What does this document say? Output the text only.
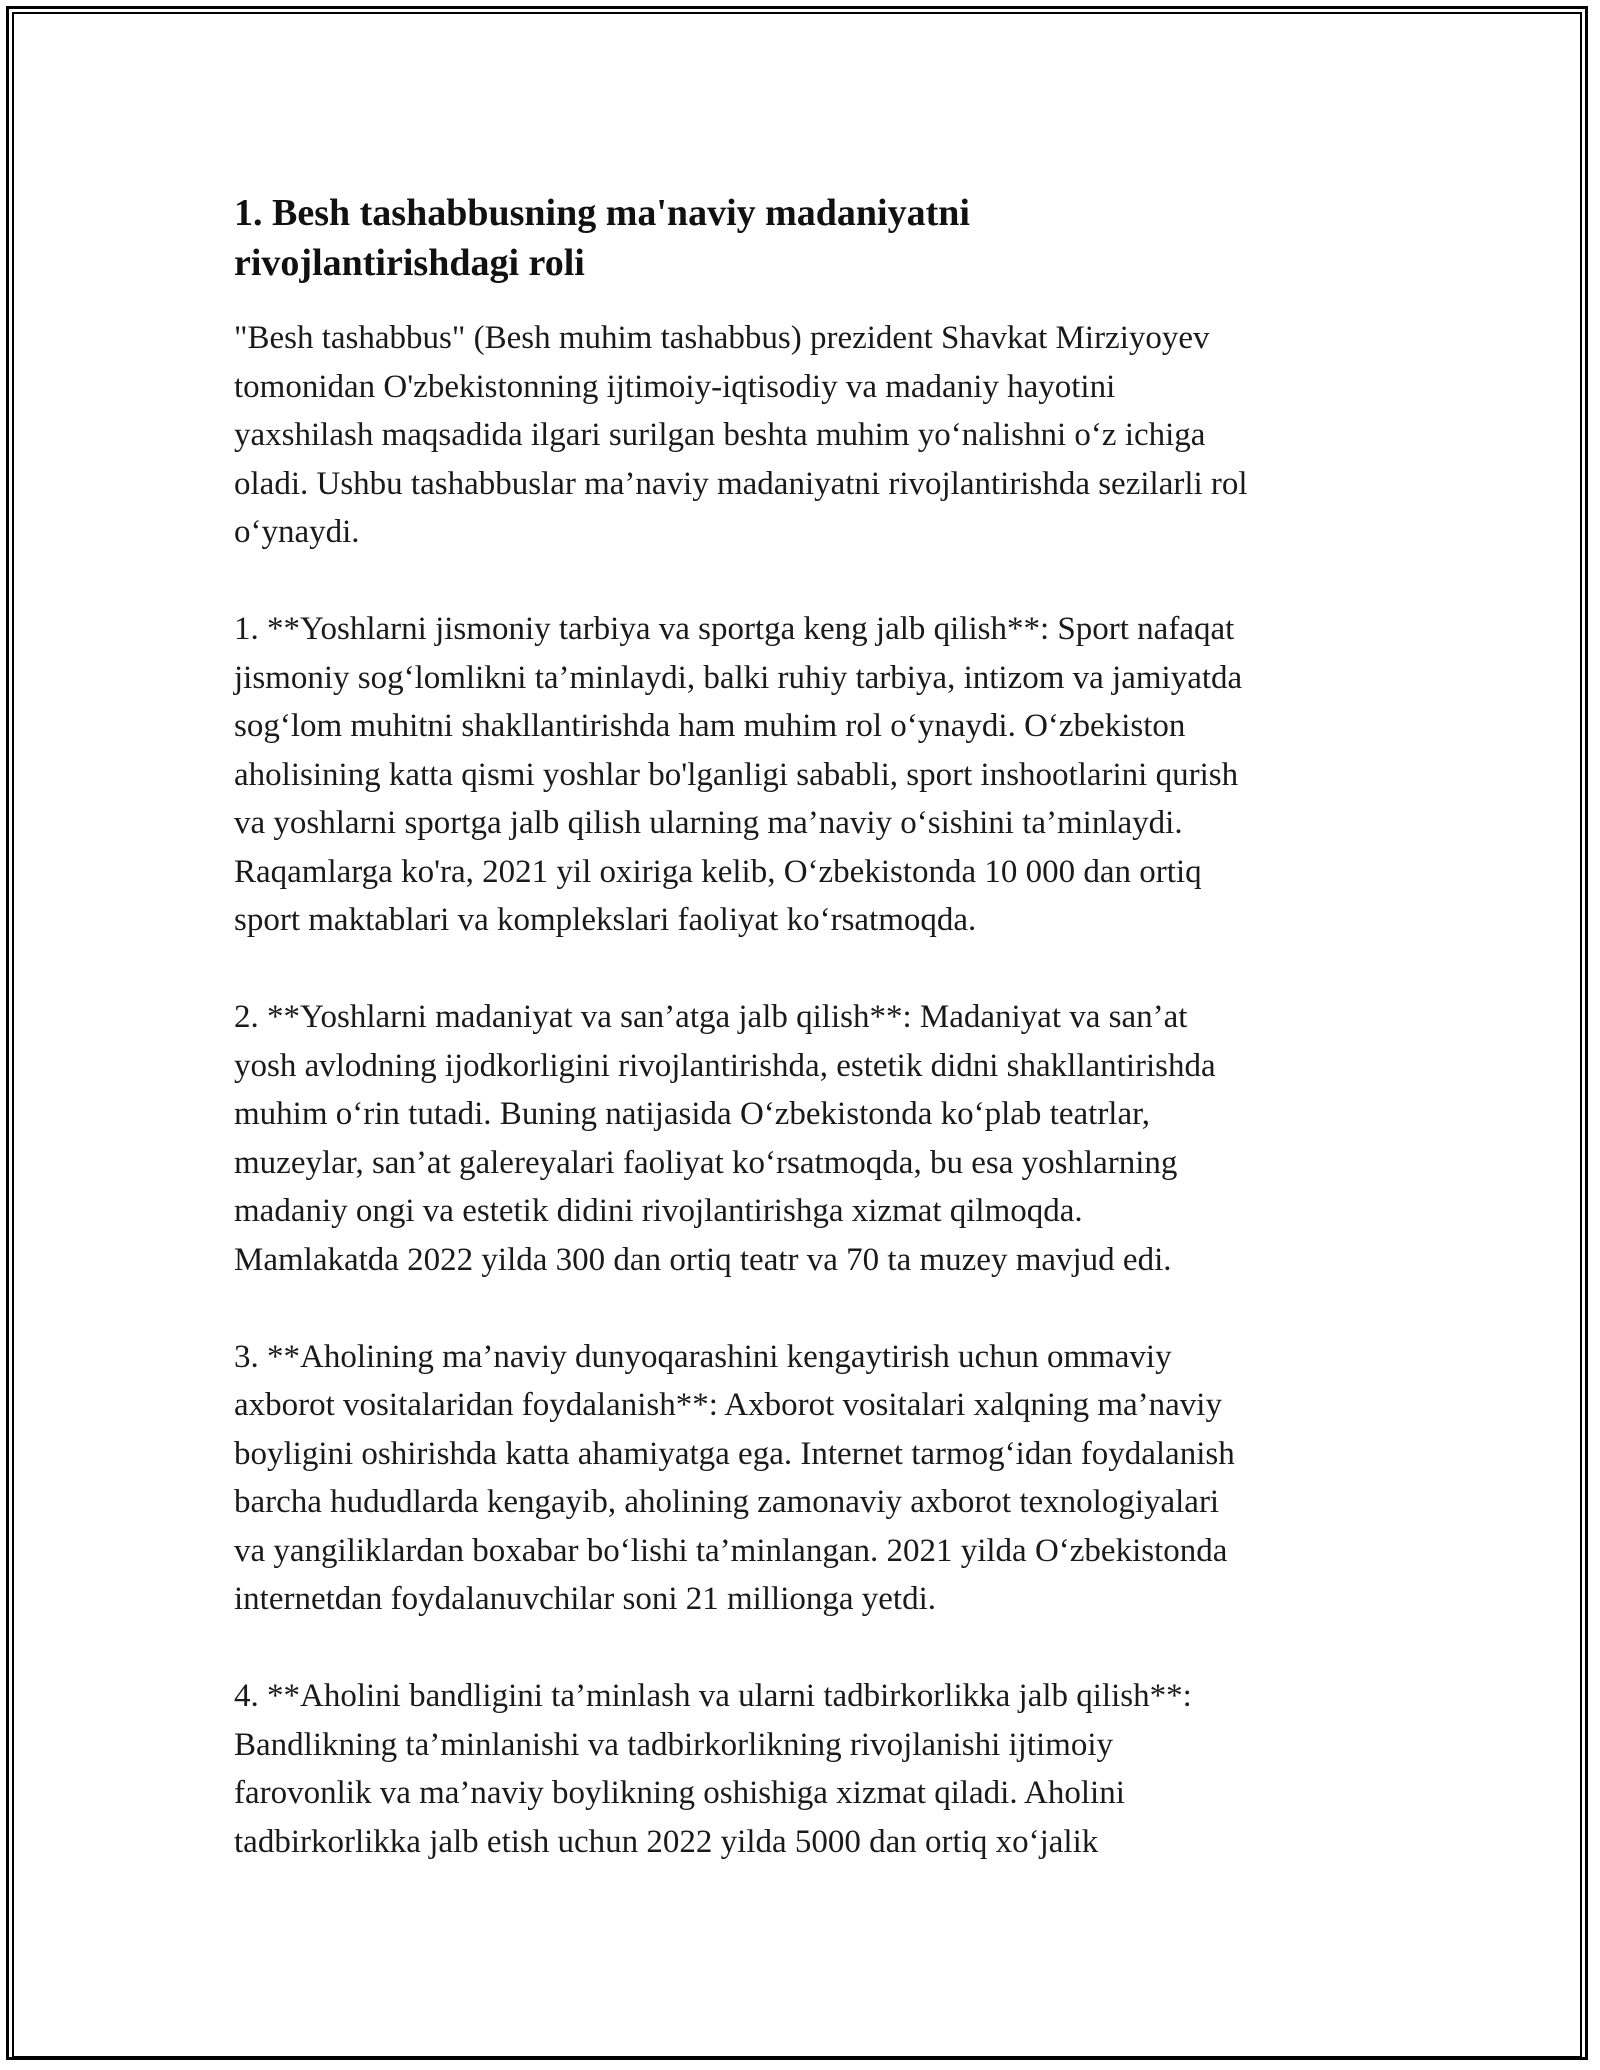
1. Besh tashabbusning ma'naviy madaniyatni
rivojlantirishdagi roli
"Besh tashabbus" (Besh muhim tashabbus) prezident Shavkat Mirziyoyev
tomonidan O'zbekistonning ijtimoiy-iqtisodiy va madaniy hayotini
yaxshilash maqsadida ilgari surilgan beshta muhim yo‘nalishni o‘z ichiga
oladi. Ushbu tashabbuslar ma’naviy madaniyatni rivojlantirishda sezilarli rol
o‘ynaydi.
1. **Yoshlarni jismoniy tarbiya va sportga keng jalb qilish**: Sport nafaqat
jismoniy sog‘lomlikni ta’minlaydi, balki ruhiy tarbiya, intizom va jamiyatda
sog‘lom muhitni shakllantirishda ham muhim rol o‘ynaydi. O‘zbekiston
aholisining katta qismi yoshlar bo'lganligi sababli, sport inshootlarini qurish
va yoshlarni sportga jalb qilish ularning ma’naviy o‘sishini ta’minlaydi.
Raqamlarga ko'ra, 2021 yil oxiriga kelib, O‘zbekistonda 10 000 dan ortiq
sport maktablari va komplekslari faoliyat ko‘rsatmoqda.
2. **Yoshlarni madaniyat va san’atga jalb qilish**: Madaniyat va san’at
yosh avlodning ijodkorligini rivojlantirishda, estetik didni shakllantirishda
muhim o‘rin tutadi. Buning natijasida O‘zbekistonda ko‘plab teatrlar,
muzeylar, san’at galereyalari faoliyat ko‘rsatmoqda, bu esa yoshlarning
madaniy ongi va estetik didini rivojlantirishga xizmat qilmoqda.
Mamlakatda 2022 yilda 300 dan ortiq teatr va 70 ta muzey mavjud edi.
3. **Aholining ma’naviy dunyoqarashini kengaytirish uchun ommaviy
axborot vositalaridan foydalanish**: Axborot vositalari xalqning ma’naviy
boyligini oshirishda katta ahamiyatga ega. Internet tarmog‘idan foydalanish
barcha hududlarda kengayib, aholining zamonaviy axborot texnologiyalari
va yangiliklardan boxabar bo‘lishi ta’minlangan. 2021 yilda O‘zbekistonda
internetdan foydalanuvchilar soni 21 millionga yetdi.
4. **Aholini bandligini ta’minlash va ularni tadbirkorlikka jalb qilish**:
Bandlikning ta’minlanishi va tadbirkorlikning rivojlanishi ijtimoiy
farovonlik va ma’naviy boylikning oshishiga xizmat qiladi. Aholini
tadbirkorlikka jalb etish uchun 2022 yilda 5000 dan ortiq xo‘jalik
